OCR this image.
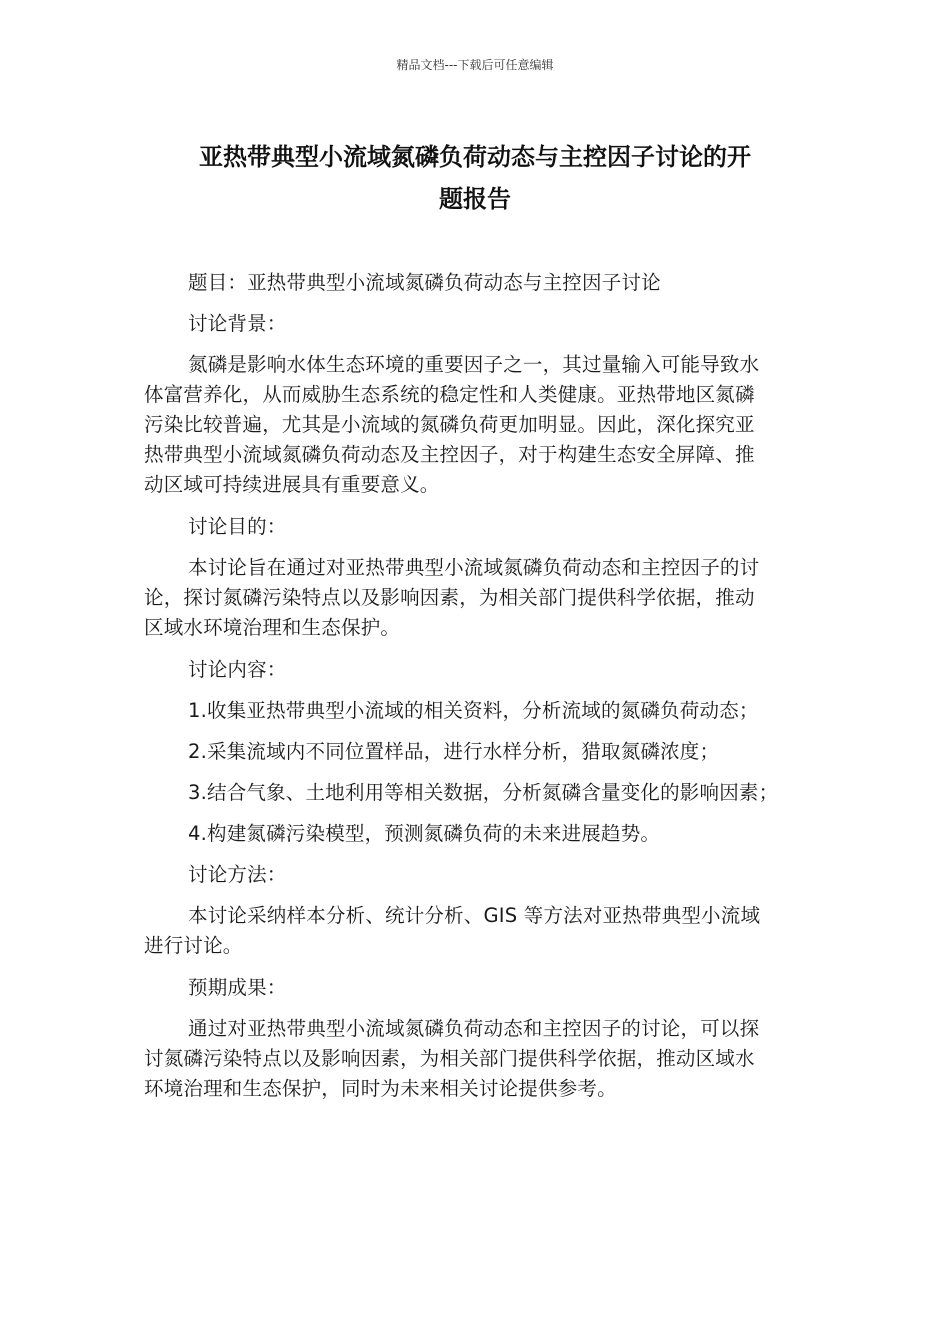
精品文档---下载后可任意编辑
亚热带典型小流域氮磷负荷动态与主控因子讨论的开
题报告

题目：亚热带典型小流域氮磷负荷动态与主控因子讨论

讨论背景：

氮磷是影响水体生态环境的重要因子之一，其过量输入可能导致水
体富营养化，从而威胁生态系统的稳定性和人类健康。亚热带地区氮磷
污染比较普遍，尤其是小流域的氮磷负荷更加明显。因此，深化探究亚
热带典型小流域氮磷负荷动态及主控因子，对于构建生态安全屏障、推
动区域可持续进展具有重要意义。

讨论目的：

本讨论旨在通过对亚热带典型小流域氮磷负荷动态和主控因子的讨
论，探讨氮磷污染特点以及影响因素，为相关部门提供科学依据，推动
区域水环境治理和生态保护。

讨论内容：

1.收集亚热带典型小流域的相关资料，分析流域的氮磷负荷动态；

2.采集流域内不同位置样品，进行水样分析，猎取氮磷浓度；

3.结合气象、土地利用等相关数据，分析氮磷含量变化的影响因素；

4.构建氮磷污染模型，预测氮磷负荷的未来进展趋势。

讨论方法：

本讨论采纳样本分析、统计分析、GIS 等方法对亚热带典型小流域
进行讨论。

预期成果：

通过对亚热带典型小流域氮磷负荷动态和主控因子的讨论，可以探
讨氮磷污染特点以及影响因素，为相关部门提供科学依据，推动区域水
环境治理和生态保护，同时为未来相关讨论提供参考。
